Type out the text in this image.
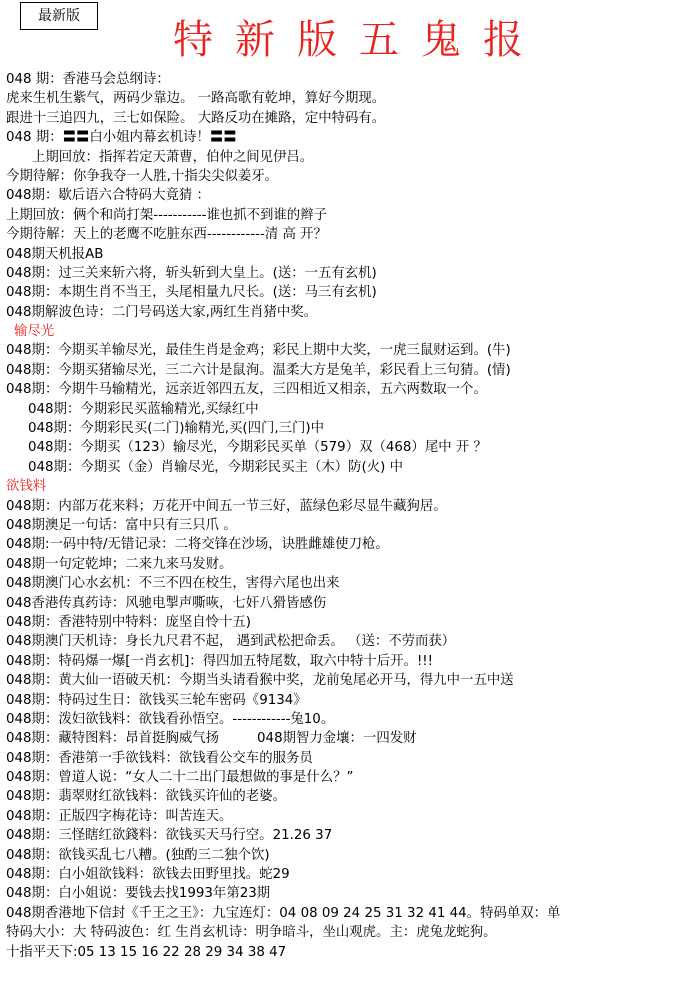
最新版
特新版五鬼报
048 期：香港马会总纲诗：
虎来生机生紫气，两码少靠边。 一路高歌有乾坤，算好今期现。
跟进十三追四九，三七如保险。 大路反功在摊路，定中特码有。
048 期：〓〓白小姐内幕玄机诗！〓〓
上期回放：指挥若定天萧曹，伯仲之间见伊吕。
今期待解：你争我夺一人胜,十指尖尖似姜牙。
048期：歇后语六合特码大竟猜 ：
上期回放：俩个和尚打架-----------谁也抓不到谁的辫子
今期待解：天上的老鹰不吃脏东西------------清 高 开？
048期天机报AB
048期：过三关来斩六将，斩头斩到大皇上。(送：一五有玄机)
048期：本期生肖不当王，头尾相量九尺长。(送：马三有玄机)
048期解波色诗：二门号码送大家,两红生肖猪中奖。
输尽光
048期：今期买羊输尽光，最佳生肖是金鸡；彩民上期中大奖，一虎三鼠财运到。(牛)
048期：今期买猪输尽光，三二六计是鼠洵。温柔大方是兔羊，彩民看上三句猜。(情)
048期：今期牛马输精光，远亲近邻四五友，三四相近又相亲，五六两数取一个。
048期：今期彩民买蓝输精光,买绿红中
048期：今期彩民买(二门)输精光,买(四门,三门)中
048期：今期买（123）输尽光，今期彩民买单（579）双（468）尾中 开 ？
048期：今期买（金）肖输尽光，今期彩民买主（木）防(火) 中
欲钱料
048期：内部万花来料；万花开中间五一节三好，蓝绿色彩尽显牛藏狗居。
048期澳足一句话：富中只有三只爪 。
048期:一码中特/无错记录：二将交锋在沙场，诀胜雌雄使刀枪。
048期一句定乾坤；二来九来马发财。
048期澳门心水玄机：不三不四在校生，害得六尾也出来
048香港传真药诗：风驰电掣声嘶咴，七奸八猾皆感伤
048期：香港特别中特料：庞坚自怜十五)
048期澳门天机诗：身长九尺君不起， 遇到武松把命丢。 （送：不劳而获）
048期：特码爆一爆[一肖玄机]：得四加五特尾数，取六中特十后开。!!!
048期：黄大仙一语破天机：今期当头请看猴中奖，龙前兔尾必开马，得九中一五中送
048期：特码过生日：欲钱买三轮车密码《9134》
048期：泼妇欲钱料：欲钱看孙悟空。------------兔10。
048期：藏特图料：昂首挺胸威气扬	048期智力金壤：一四发财
048期：香港第一手欲钱料：欲钱看公交车的服务员
048期：曾道人说：“女人二十二出门最想做的事是什么？”
048期：翡翠财红欲钱料：欲钱买许仙的老婆。
048期：正版四字梅花诗：叫苦连天。
048期：三怪瞎红欲錢料：欲钱买天马行空。21.26 37
048期：欲钱买乱七八糟。(独酌三二独个饮)
048期：白小姐欲钱料：欲钱去田野里找。蛇29
048期：白小姐说：要钱去找1993年第23期
048期香港地下信封《千王之王》：九宝连灯：04 08 09 24 25 31 32 41 44。特码单双：单
特码大小：大 特码波色：红 生肖玄机诗：明争暗斗，坐山观虎。主：虎兔龙蛇狗。
十指平天下:05 13 15 16 22 28 29 34 38 47
